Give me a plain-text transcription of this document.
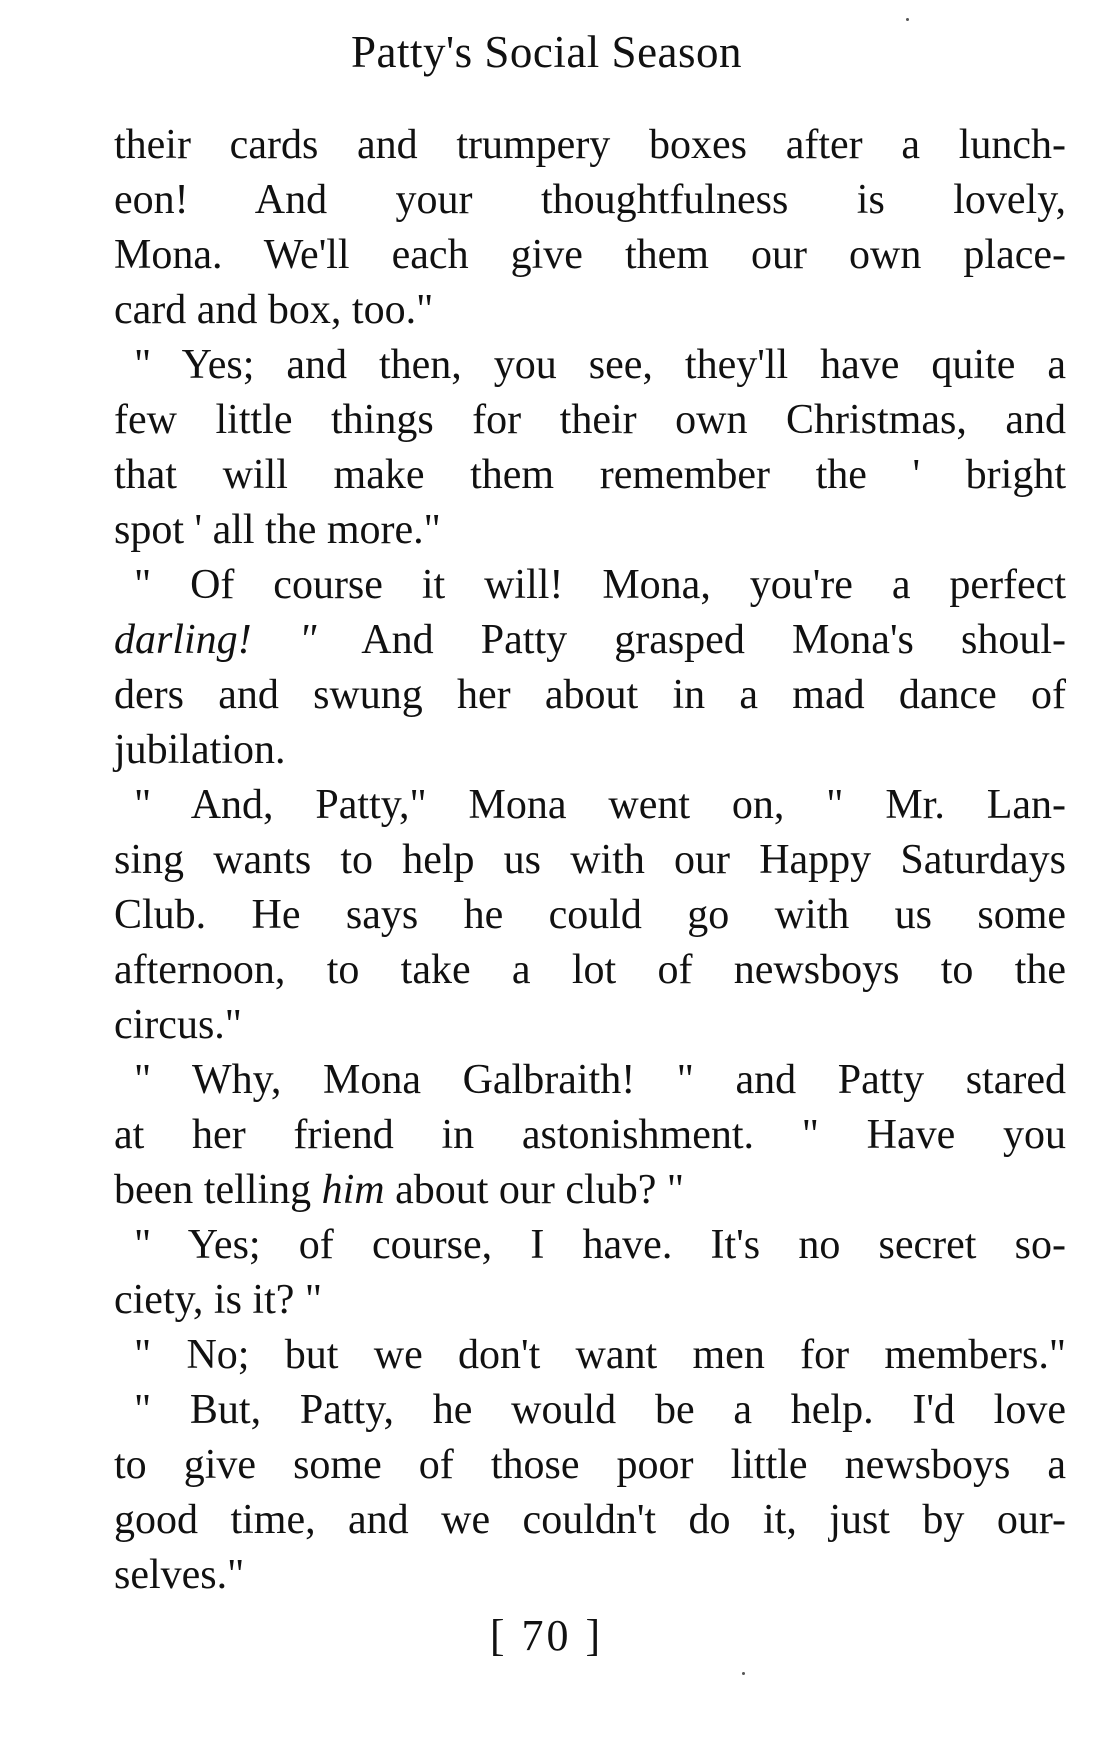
Patty's Social Season
their cards and trumpery boxes after a lunch-
eon! And your thoughtfulness is lovely,
Mona. We'll each give them our own place-
card and box, too."
" Yes; and then, you see, they'll have quite a
few little things for their own Christmas, and
that will make them remember the ' bright
spot ' all the more."
" Of course it will! Mona, you're a perfect
darling! " And Patty grasped Mona's shoul-
ders and swung her about in a mad dance of
jubilation.
" And, Patty," Mona went on, " Mr. Lan-
sing wants to help us with our Happy Saturdays
Club. He says he could go with us some
afternoon, to take a lot of newsboys to the
circus."
" Why, Mona Galbraith! " and Patty stared
at her friend in astonishment. " Have you
been telling him about our club? "
" Yes; of course, I have. It's no secret so-
ciety, is it? "
" No; but we don't want men for members."
" But, Patty, he would be a help. I'd love
to give some of those poor little newsboys a
good time, and we couldn't do it, just by our-
selves."
[ 70 ]
